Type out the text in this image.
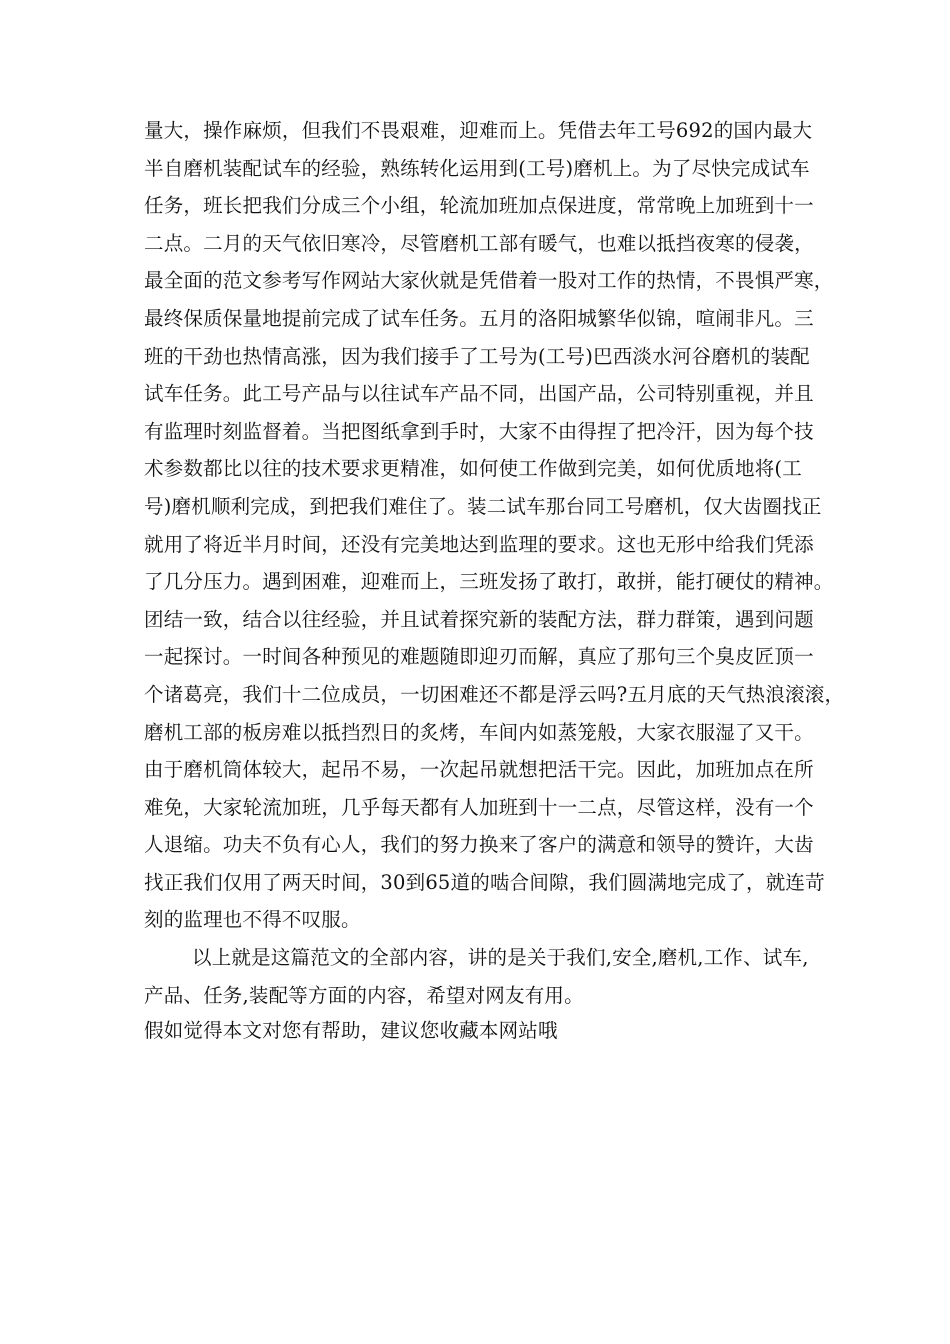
量大，操作麻烦，但我们不畏艰难，迎难而上。凭借去年工号692的国内最大
半自磨机装配试车的经验，熟练转化运用到(工号)磨机上。为了尽快完成试车
任务，班长把我们分成三个小组，轮流加班加点保进度，常常晚上加班到十一
二点。二月的天气依旧寒冷，尽管磨机工部有暖气，也难以抵挡夜寒的侵袭，
最全面的范文参考写作网站大家伙就是凭借着一股对工作的热情，不畏惧严寒，
最终保质保量地提前完成了试车任务。五月的洛阳城繁华似锦，喧闹非凡。三
班的干劲也热情高涨，因为我们接手了工号为(工号)巴西淡水河谷磨机的装配
试车任务。此工号产品与以往试车产品不同，出国产品，公司特别重视，并且
有监理时刻监督着。当把图纸拿到手时，大家不由得捏了把冷汗，因为每个技
术参数都比以往的技术要求更精准，如何使工作做到完美，如何优质地将(工
号)磨机顺利完成，到把我们难住了。装二试车那台同工号磨机，仅大齿圈找正
就用了将近半月时间，还没有完美地达到监理的要求。这也无形中给我们凭添
了几分压力。遇到困难，迎难而上，三班发扬了敢打，敢拼，能打硬仗的精神。
团结一致，结合以往经验，并且试着探究新的装配方法，群力群策，遇到问题
一起探讨。一时间各种预见的难题随即迎刃而解，真应了那句三个臭皮匠顶一
个诸葛亮，我们十二位成员，一切困难还不都是浮云吗?五月底的天气热浪滚滚，
磨机工部的板房难以抵挡烈日的炙烤，车间内如蒸笼般，大家衣服湿了又干。
由于磨机筒体较大，起吊不易，一次起吊就想把活干完。因此，加班加点在所
难免，大家轮流加班，几乎每天都有人加班到十一二点，尽管这样，没有一个
人退缩。功夫不负有心人，我们的努力换来了客户的满意和领导的赞许，大齿
找正我们仅用了两天时间，30到65道的啮合间隙，我们圆满地完成了，就连苛
刻的监理也不得不叹服。
以上就是这篇范文的全部内容，讲的是关于我们,安全,磨机,工作、试车,
产品、任务,装配等方面的内容，希望对网友有用。
假如觉得本文对您有帮助，建议您收藏本网站哦
